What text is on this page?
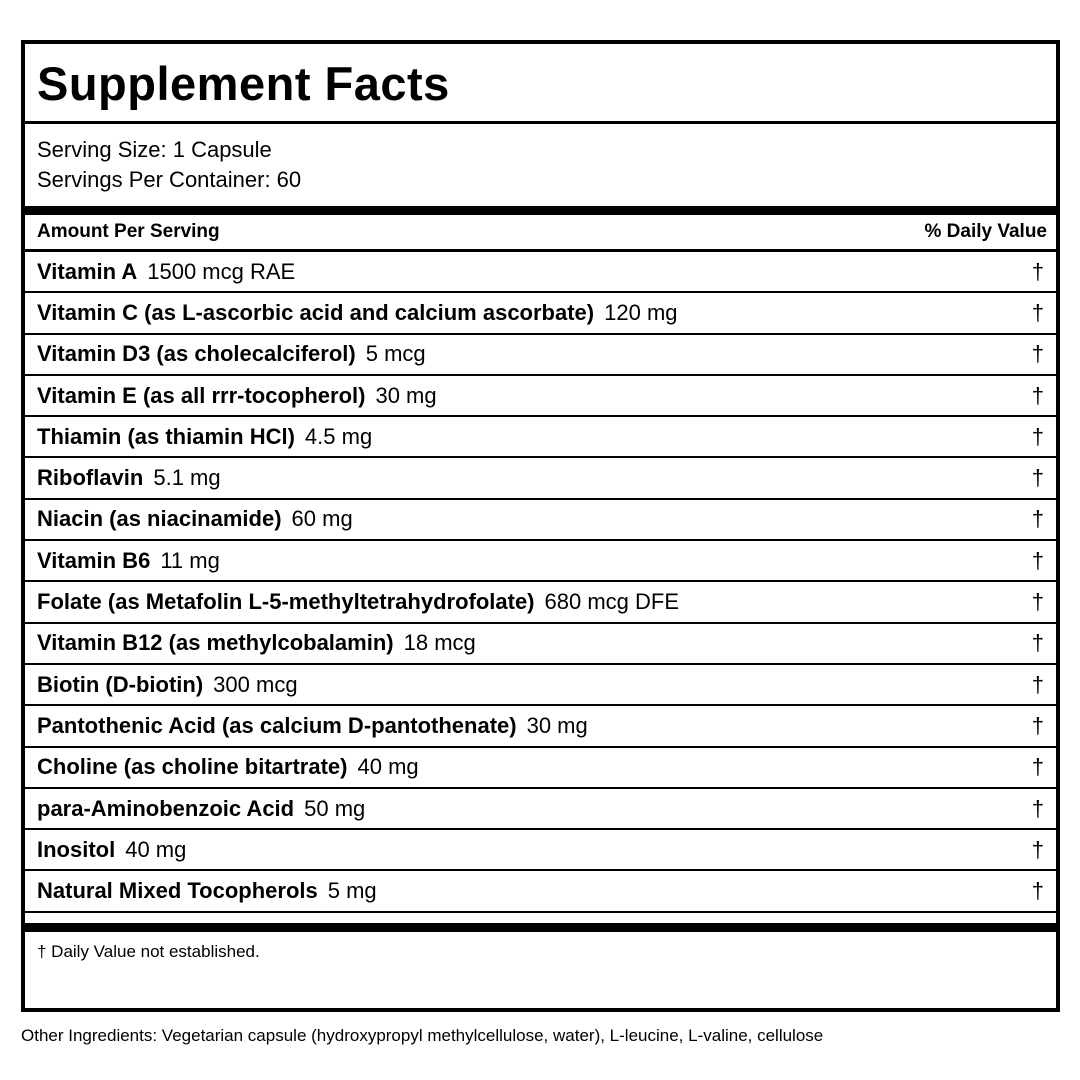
Supplement Facts
Serving Size: 1 Capsule
Servings Per Container: 60
Amount Per Serving	% Daily Value
Vitamin A 1500 mcg RAE	†
Vitamin C (as L-ascorbic acid and calcium ascorbate) 120 mg	†
Vitamin D3 (as cholecalciferol) 5 mcg	†
Vitamin E (as all rrr-tocopherol) 30 mg	†
Thiamin (as thiamin HCl) 4.5 mg	†
Riboflavin 5.1 mg	†
Niacin (as niacinamide) 60 mg	†
Vitamin B6 11 mg	†
Folate (as Metafolin L-5-methyltetrahydrofolate) 680 mcg DFE	†
Vitamin B12 (as methylcobalamin) 18 mcg	†
Biotin (D-biotin) 300 mcg	†
Pantothenic Acid (as calcium D-pantothenate) 30 mg	†
Choline (as choline bitartrate) 40 mg	†
para-Aminobenzoic Acid 50 mg	†
Inositol 40 mg	†
Natural Mixed Tocopherols 5 mg	†
† Daily Value not established.
Other Ingredients: Vegetarian capsule (hydroxypropyl methylcellulose, water), L-leucine, L-valine, cellulose
